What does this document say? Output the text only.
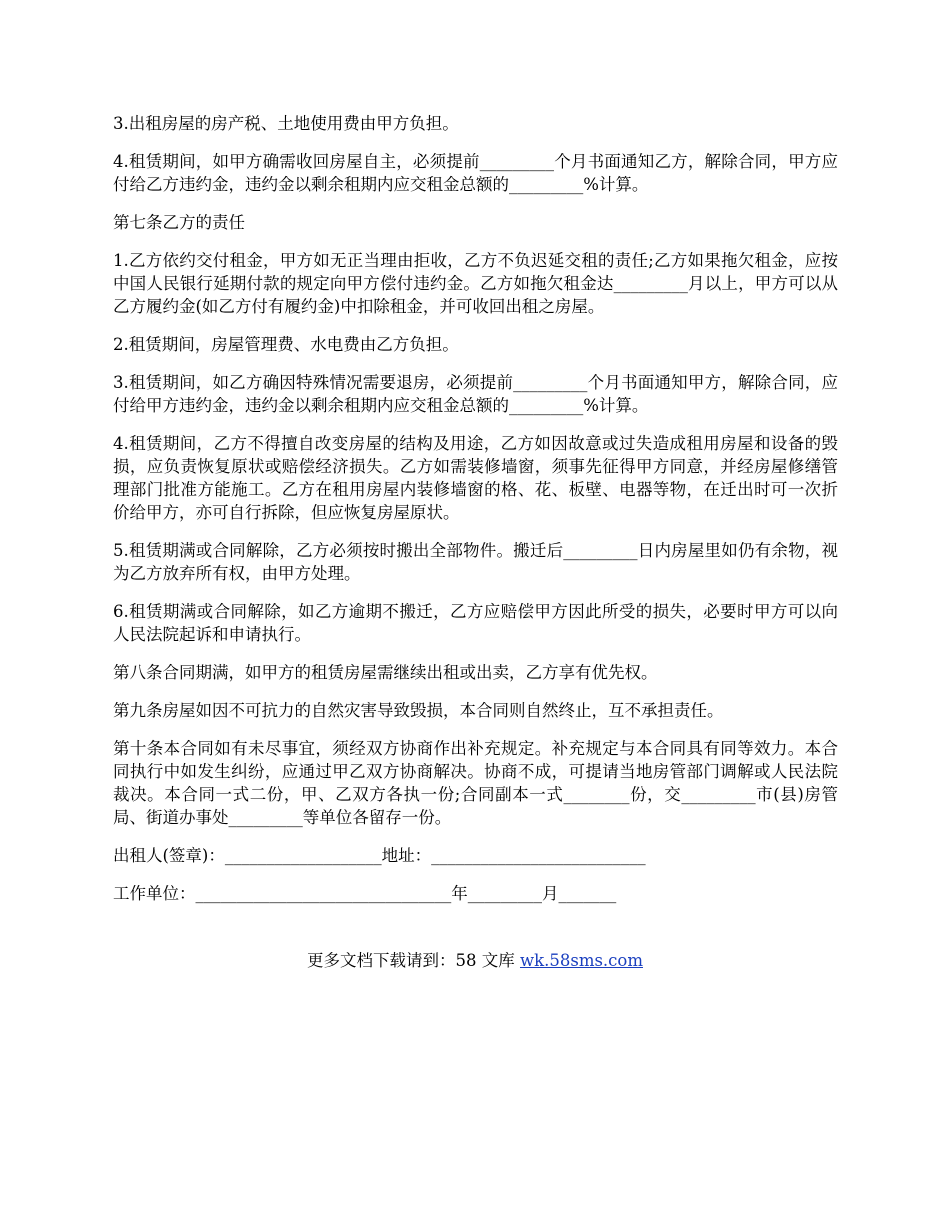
3.出租房屋的房产税、土地使用费由甲方负担。

4.租赁期间，如甲方确需收回房屋自主，必须提前_________个月书面通知乙方，解除合同，甲方应付给乙方违约金，违约金以剩余租期内应交租金总额的_________%计算。

第七条乙方的责任

1.乙方依约交付租金，甲方如无正当理由拒收，乙方不负迟延交租的责任;乙方如果拖欠租金，应按中国人民银行延期付款的规定向甲方偿付违约金。乙方如拖欠租金达_________月以上，甲方可以从乙方履约金(如乙方付有履约金)中扣除租金，并可收回出租之房屋。

2.租赁期间，房屋管理费、水电费由乙方负担。

3.租赁期间，如乙方确因特殊情况需要退房，必须提前_________个月书面通知甲方，解除合同，应付给甲方违约金，违约金以剩余租期内应交租金总额的_________%计算。

4.租赁期间，乙方不得擅自改变房屋的结构及用途，乙方如因故意或过失造成租用房屋和设备的毁损，应负责恢复原状或赔偿经济损失。乙方如需装修墙窗，须事先征得甲方同意，并经房屋修缮管理部门批准方能施工。乙方在租用房屋内装修墙窗的格、花、板壁、电器等物，在迁出时可一次折价给甲方，亦可自行拆除，但应恢复房屋原状。

5.租赁期满或合同解除，乙方必须按时搬出全部物件。搬迁后_________日内房屋里如仍有余物，视为乙方放弃所有权，由甲方处理。

6.租赁期满或合同解除，如乙方逾期不搬迁，乙方应赔偿甲方因此所受的损失，必要时甲方可以向人民法院起诉和申请执行。

第八条合同期满，如甲方的租赁房屋需继续出租或出卖，乙方享有优先权。

第九条房屋如因不可抗力的自然灾害导致毁损，本合同则自然终止，互不承担责任。

第十条本合同如有未尽事宜，须经双方协商作出补充规定。补充规定与本合同具有同等效力。本合同执行中如发生纠纷，应通过甲乙双方协商解决。协商不成，可提请当地房管部门调解或人民法院裁决。本合同一式二份，甲、乙双方各执一份;合同副本一式________份，交_________市(县)房管局、街道办事处_________等单位各留存一份。

出租人(签章)：___________________地址：__________________________

工作单位：_______________________________年_________月_______

更多文档下载请到：58 文库 wk.58sms.com
